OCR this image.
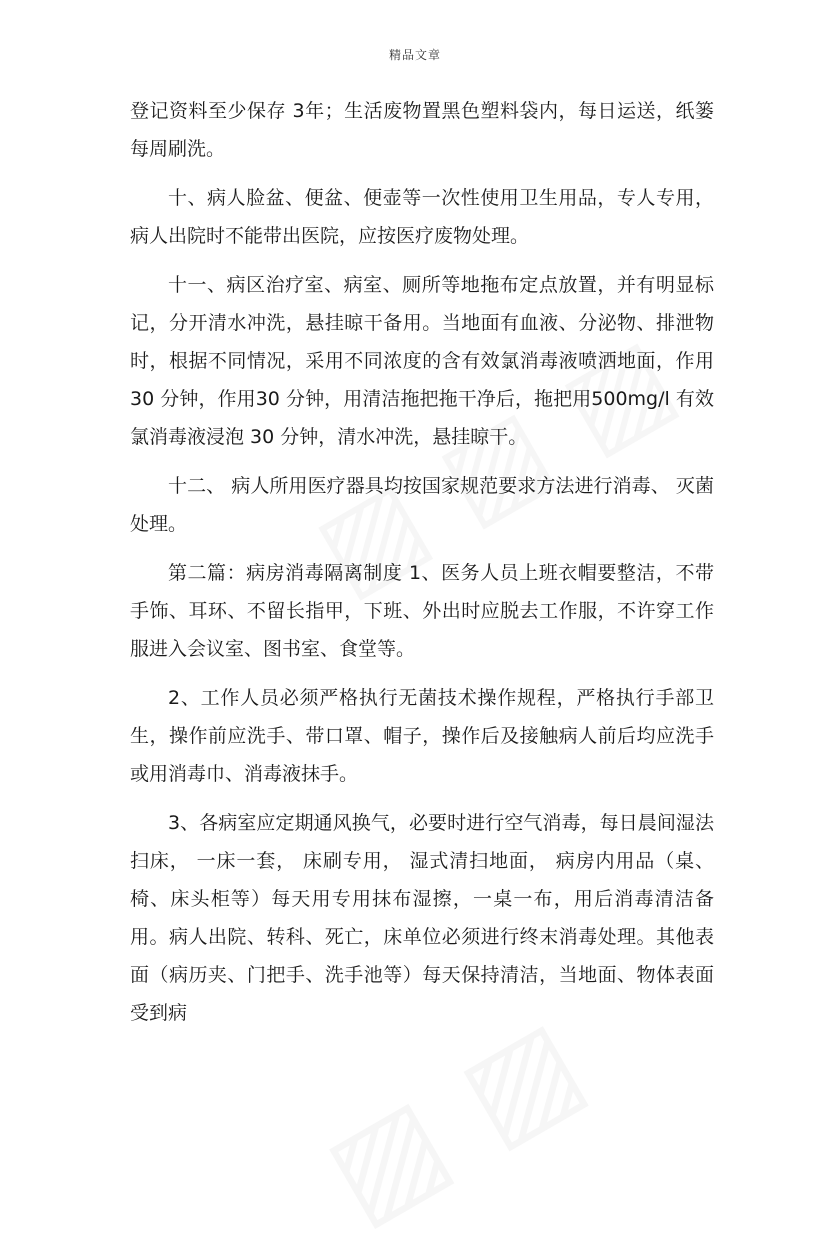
精品文章

登记资料至少保存 3年；生活废物置黑色塑料袋内，每日运送，纸篓每周刷洗。

十、病人脸盆、便盆、便壶等一次性使用卫生用品，专人专用，病人出院时不能带出医院，应按医疗废物处理。

十一、病区治疗室、病室、厕所等地拖布定点放置，并有明显标记，分开清水冲洗，悬挂晾干备用。当地面有血液、分泌物、排泄物时，根据不同情况，采用不同浓度的含有效氯消毒液喷洒地面，作用30 分钟，作用30 分钟，用清洁拖把拖干净后，拖把用500mg/l 有效氯消毒液浸泡 30 分钟，清水冲洗，悬挂晾干。

十二、 病人所用医疗器具均按国家规范要求方法进行消毒、 灭菌处理。

第二篇：病房消毒隔离制度 1、医务人员上班衣帽要整洁，不带手饰、耳环、不留长指甲，下班、外出时应脱去工作服，不许穿工作服进入会议室、图书室、食堂等。

2、工作人员必须严格执行无菌技术操作规程，严格执行手部卫生，操作前应洗手、带口罩、帽子，操作后及接触病人前后均应洗手或用消毒巾、消毒液抹手。

3、各病室应定期通风换气，必要时进行空气消毒，每日晨间湿法扫床， 一床一套， 床刷专用， 湿式清扫地面， 病房内用品（桌、 椅、床头柜等）每天用专用抹布湿擦，一桌一布，用后消毒清洁备用。病人出院、转科、死亡，床单位必须进行终末消毒处理。其他表面（病历夹、门把手、洗手池等）每天保持清洁，当地面、物体表面受到病
